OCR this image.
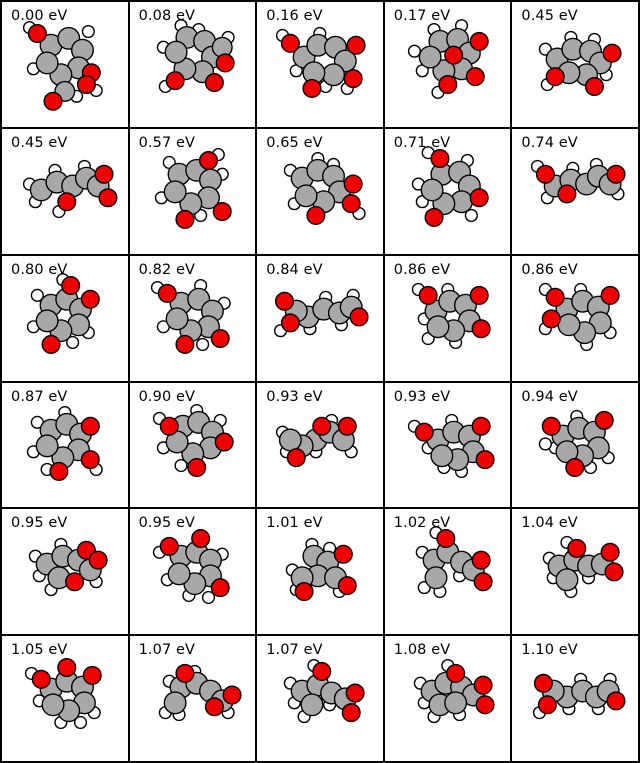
0.00 eV	0.08 eV	0.16 eV	0.17 eV	0.45 eV
0.45 eV	0.57 eV	0.65 eV	0.71 eV	0.74 eV
0.80 eV	0.82 eV	0.84 eV	0.86 eV	0.86 eV
0.87 eV	0.90 eV	0.93 eV	0.93 eV	0.94 eV
0.95 eV	0.95 eV	1.01 eV	1.02 eV	1.04 eV
1.05 eV	1.07 eV	1.07 eV	1.08 eV	1.10 eV
